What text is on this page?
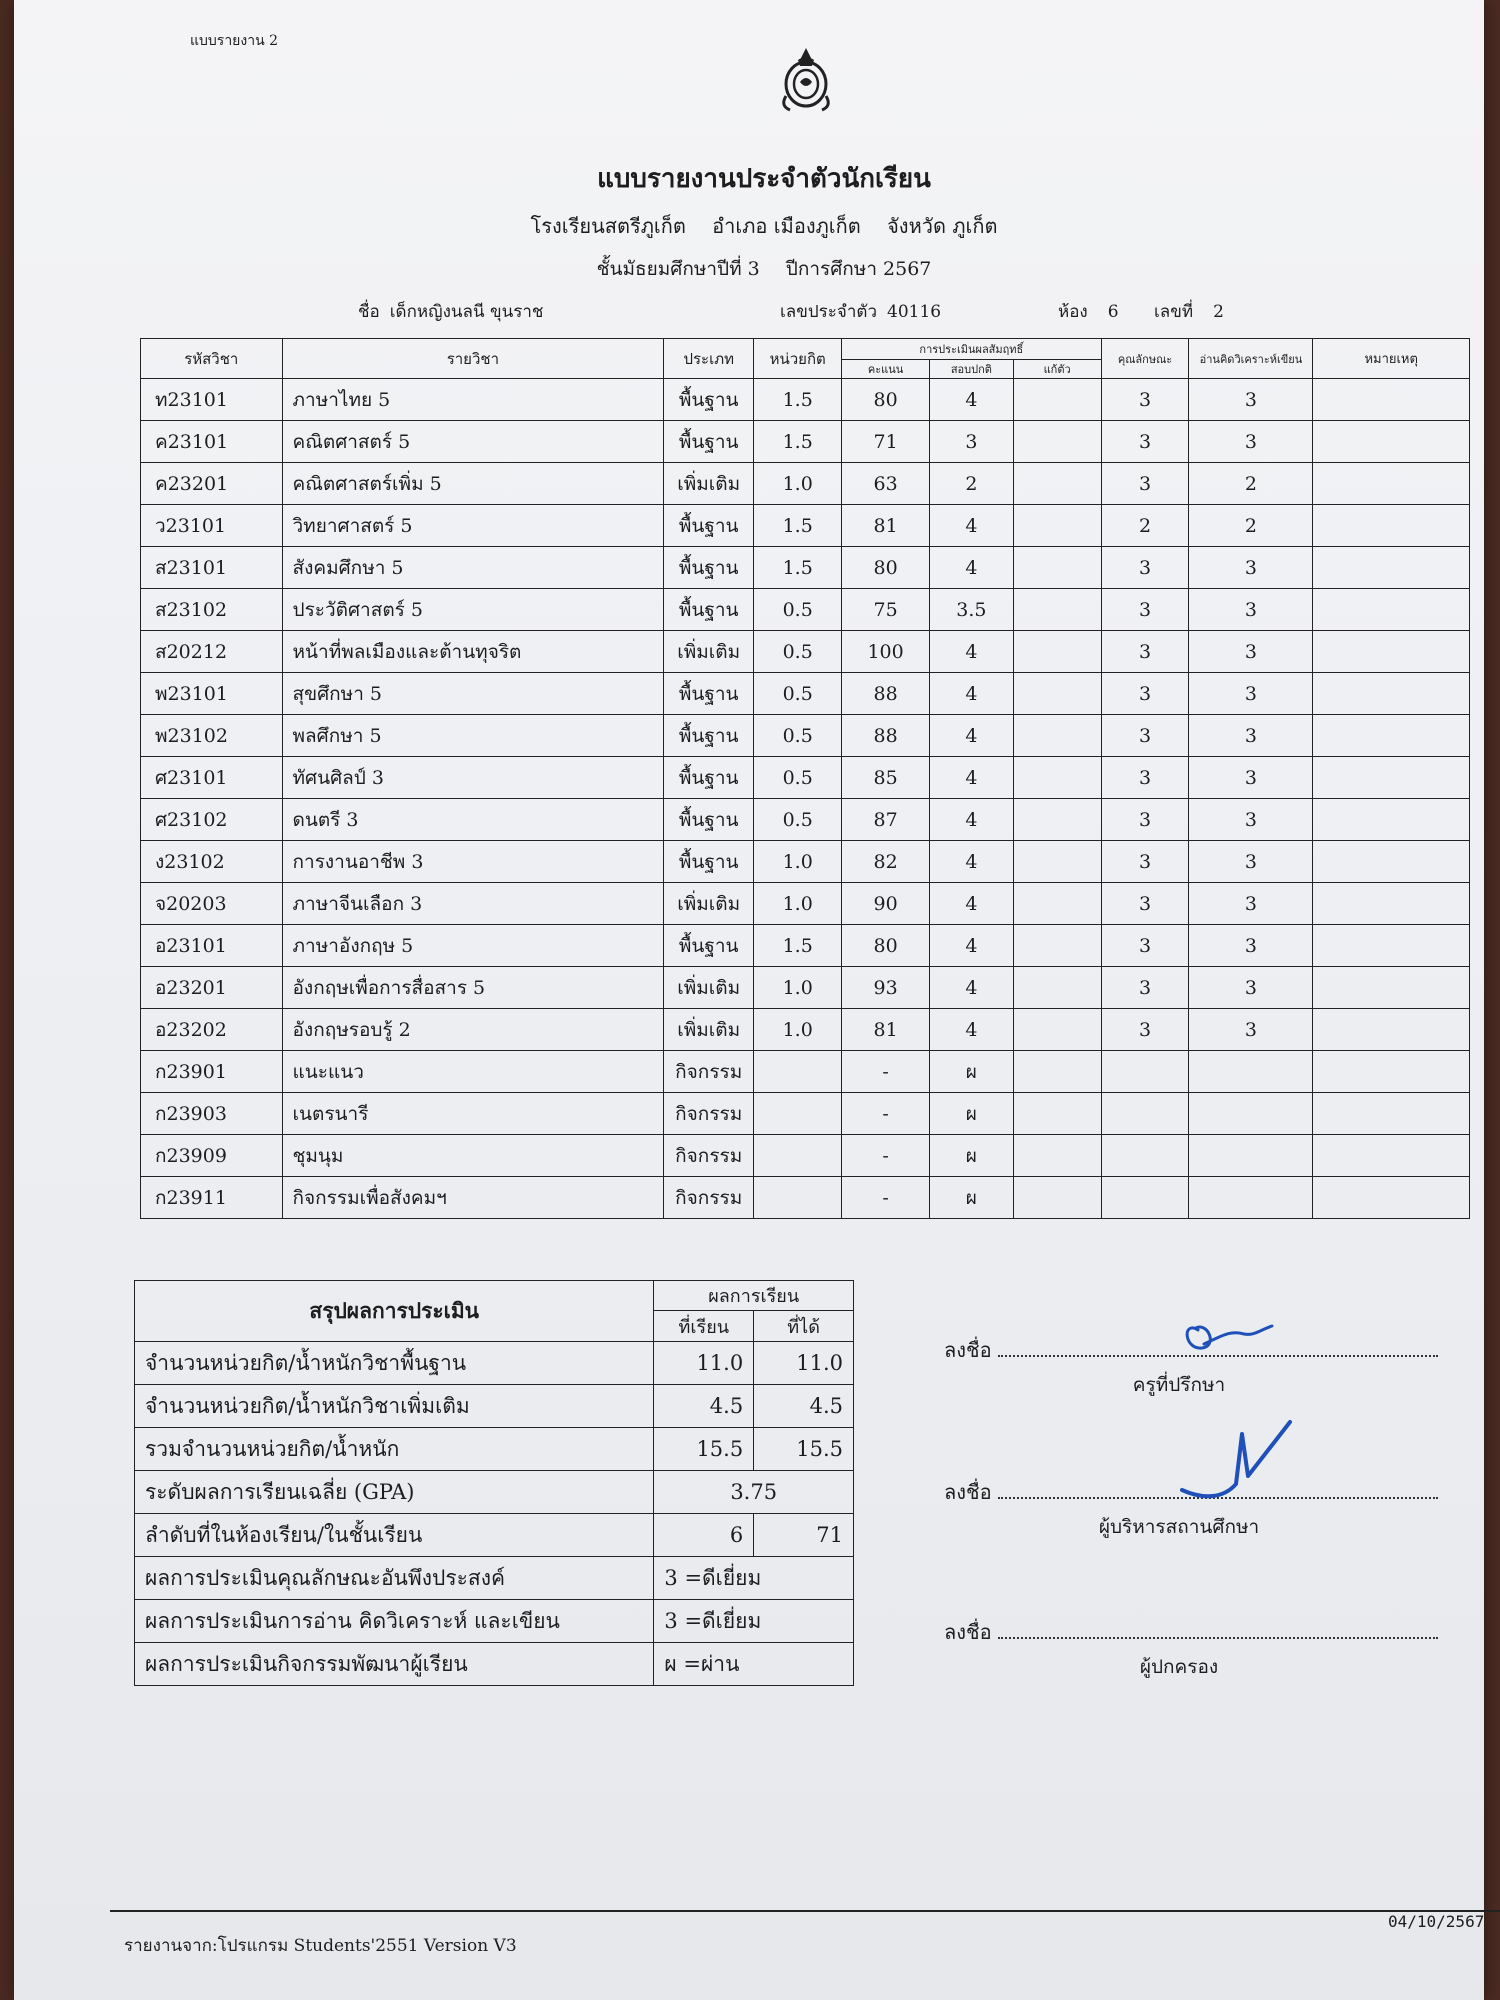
แบบรายงาน 2
แบบรายงานประจำตัวนักเรียน
โรงเรียนสตรีภูเก็ต อำเภอ เมืองภูเก็ต จังหวัด ภูเก็ต
ชั้นมัธยมศึกษาปีที่ 3 ปีการศึกษา 2567
ชื่อ เด็กหญิงนลนี ขุนราช	เลขประจำตัว 40116	ห้อง 6 เลขที่ 2
รหัสวิชา	รายวิชา	ประเภท	หน่วยกิต	การประเมินผลสัมฤทธิ์			คุณลักษณะ	อ่านคิดวิเคราะห์เขียน	หมายเหตุ
				คะแนน	สอบปกติ	แก้ตัว			
ท23101	ภาษาไทย 5	พื้นฐาน	1.5	80	4		3	3	
ค23101	คณิตศาสตร์ 5	พื้นฐาน	1.5	71	3		3	3	
ค23201	คณิตศาสตร์เพิ่ม 5	เพิ่มเติม	1.0	63	2		3	2	
ว23101	วิทยาศาสตร์ 5	พื้นฐาน	1.5	81	4		2	2	
ส23101	สังคมศึกษา 5	พื้นฐาน	1.5	80	4		3	3	
ส23102	ประวัติศาสตร์ 5	พื้นฐาน	0.5	75	3.5		3	3	
ส20212	หน้าที่พลเมืองและต้านทุจริต	เพิ่มเติม	0.5	100	4		3	3	
พ23101	สุขศึกษา 5	พื้นฐาน	0.5	88	4		3	3	
พ23102	พลศึกษา 5	พื้นฐาน	0.5	88	4		3	3	
ศ23101	ทัศนศิลป์ 3	พื้นฐาน	0.5	85	4		3	3	
ศ23102	ดนตรี 3	พื้นฐาน	0.5	87	4		3	3	
ง23102	การงานอาชีพ 3	พื้นฐาน	1.0	82	4		3	3	
จ20203	ภาษาจีนเลือก 3	เพิ่มเติม	1.0	90	4		3	3	
อ23101	ภาษาอังกฤษ 5	พื้นฐาน	1.5	80	4		3	3	
อ23201	อังกฤษเพื่อการสื่อสาร 5	เพิ่มเติม	1.0	93	4		3	3	
อ23202	อังกฤษรอบรู้ 2	เพิ่มเติม	1.0	81	4		3	3	
ก23901	แนะแนว	กิจกรรม		-	ผ				
ก23903	เนตรนารี	กิจกรรม		-	ผ				
ก23909	ชุมนุม	กิจกรรม		-	ผ				
ก23911	กิจกรรมเพื่อสังคมฯ	กิจกรรม		-	ผ				
สรุปผลการประเมิน	ผลการเรียน	
	ที่เรียน	ที่ได้
จำนวนหน่วยกิต/น้ำหนักวิชาพื้นฐาน	11.0	11.0
จำนวนหน่วยกิต/น้ำหนักวิชาเพิ่มเติม	4.5	4.5
รวมจำนวนหน่วยกิต/น้ำหนัก	15.5	15.5
ระดับผลการเรียนเฉลี่ย (GPA)	3.75	
ลำดับที่ในห้องเรียน/ในชั้นเรียน	6	71
ผลการประเมินคุณลักษณะอันพึงประสงค์	3 =ดีเยี่ยม	
ผลการประเมินการอ่าน คิดวิเคราะห์ และเขียน	3 =ดีเยี่ยม	
ผลการประเมินกิจกรรมพัฒนาผู้เรียน	ผ =ผ่าน	
ลงชื่อ
ครูที่ปรึกษา
ลงชื่อ
ผู้บริหารสถานศึกษา
ลงชื่อ
ผู้ปกครอง
รายงานจาก:โปรแกรม Students'2551 Version V3
04/10/2567
